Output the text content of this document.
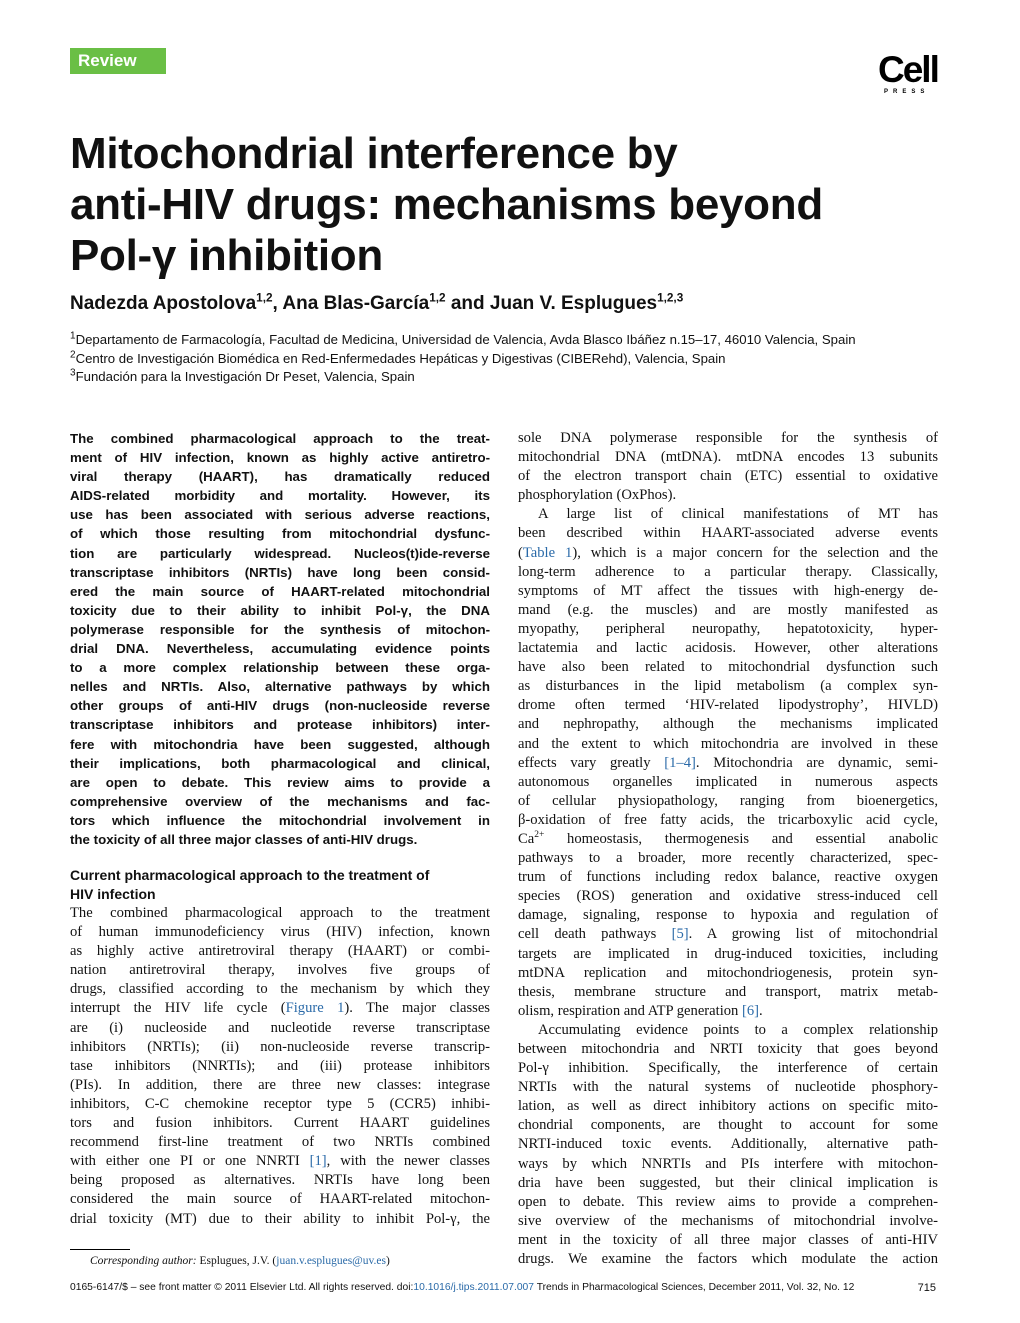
Review	Cell
PRESS
Mitochondrial interference by
anti-HIV drugs: mechanisms beyond
Pol-γ inhibition
Nadezda Apostolova$^{1,2}$, Ana Blas-García$^{1,2}$ and Juan V. Esplugues$^{1,2,3}$
$^1$Departamento de Farmacología, Facultad de Medicina, Universidad de Valencia, Avda Blasco Ibáñez n.15–17, 46010 Valencia, Spain
$^2$Centro de Investigación Biomédica en Red-Enfermedades Hepáticas y Digestivas (CIBERehd), Valencia, Spain
$^3$Fundación para la Investigación Dr Peset, Valencia, Spain
The combined pharmacological approach to the treat-
ment of HIV infection, known as highly active antiretro-
viral therapy (HAART), has dramatically reduced
AIDS-related morbidity and mortality. However, its
use has been associated with serious adverse reactions,
of which those resulting from mitochondrial dysfunc-
tion are particularly widespread. Nucleos(t)ide-reverse
transcriptase inhibitors (NRTIs) have long been consid-
ered the main source of HAART-related mitochondrial
toxicity due to their ability to inhibit Pol-γ, the DNA
polymerase responsible for the synthesis of mitochon-
drial DNA. Nevertheless, accumulating evidence points
to a more complex relationship between these orga-
nelles and NRTIs. Also, alternative pathways by which
other groups of anti-HIV drugs (non-nucleoside reverse
transcriptase inhibitors and protease inhibitors) inter-
fere with mitochondria have been suggested, although
their implications, both pharmacological and clinical,
are open to debate. This review aims to provide a
comprehensive overview of the mechanisms and fac-
tors which influence the mitochondrial involvement in
the toxicity of all three major classes of anti-HIV drugs.
Current pharmacological approach to the treatment of
HIV infection
The combined pharmacological approach to the treatment
of human immunodeficiency virus (HIV) infection, known
as highly active antiretroviral therapy (HAART) or combi-
nation antiretroviral therapy, involves five groups of
drugs, classified according to the mechanism by which they
interrupt the HIV life cycle (Figure 1). The major classes
are (i) nucleoside and nucleotide reverse transcriptase
inhibitors (NRTIs); (ii) non-nucleoside reverse transcrip-
tase inhibitors (NNRTIs); and (iii) protease inhibitors
(PIs). In addition, there are three new classes: integrase
inhibitors, C-C chemokine receptor type 5 (CCR5) inhibi-
tors and fusion inhibitors. Current HAART guidelines
recommend first-line treatment of two NRTIs combined
with either one PI or one NNRTI [1], with the newer classes
being proposed as alternatives. NRTIs have long been
considered the main source of HAART-related mitochon-
drial toxicity (MT) due to their ability to inhibit Pol-γ, the
sole DNA polymerase responsible for the synthesis of
mitochondrial DNA (mtDNA). mtDNA encodes 13 subunits
of the electron transport chain (ETC) essential to oxidative
phosphorylation (OxPhos).
A large list of clinical manifestations of MT has
been described within HAART-associated adverse events
(Table 1), which is a major concern for the selection and the
long-term adherence to a particular therapy. Classically,
symptoms of MT affect the tissues with high-energy de-
mand (e.g. the muscles) and are mostly manifested as
myopathy, peripheral neuropathy, hepatotoxicity, hyper-
lactatemia and lactic acidosis. However, other alterations
have also been related to mitochondrial dysfunction such
as disturbances in the lipid metabolism (a complex syn-
drome often termed ‘HIV-related lipodystrophy’, HIVLD)
and nephropathy, although the mechanisms implicated
and the extent to which mitochondria are involved in these
effects vary greatly [1–4]. Mitochondria are dynamic, semi-
autonomous organelles implicated in numerous aspects
of cellular physiopathology, ranging from bioenergetics,
β-oxidation of free fatty acids, the tricarboxylic acid cycle,
$Ca^{2+}$ homeostasis, thermogenesis and essential anabolic
pathways to a broader, more recently characterized, spec-
trum of functions including redox balance, reactive oxygen
species (ROS) generation and oxidative stress-induced cell
damage, signaling, response to hypoxia and regulation of
cell death pathways [5]. A growing list of mitochondrial
targets are implicated in drug-induced toxicities, including
mtDNA replication and mitochondriogenesis, protein syn-
thesis, membrane structure and transport, matrix metab-
olism, respiration and ATP generation [6].
Accumulating evidence points to a complex relationship
between mitochondria and NRTI toxicity that goes beyond
Pol-γ inhibition. Specifically, the interference of certain
NRTIs with the natural systems of nucleotide phosphory-
lation, as well as direct inhibitory actions on specific mito-
chondrial components, are thought to account for some
NRTI-induced toxic events. Additionally, alternative path-
ways by which NNRTIs and PIs interfere with mitochon-
dria have been suggested, but their clinical implication is
open to debate. This review aims to provide a comprehen-
sive overview of the mechanisms of mitochondrial involve-
ment in the toxicity of all three major classes of anti-HIV
drugs. We examine the factors which modulate the action
Corresponding author: Esplugues, J.V. (juan.v.esplugues@uv.es)
0165-6147/$ – see front matter © 2011 Elsevier Ltd. All rights reserved. doi:10.1016/j.tips.2011.07.007 Trends in Pharmacological Sciences, December 2011, Vol. 32, No. 12	715
